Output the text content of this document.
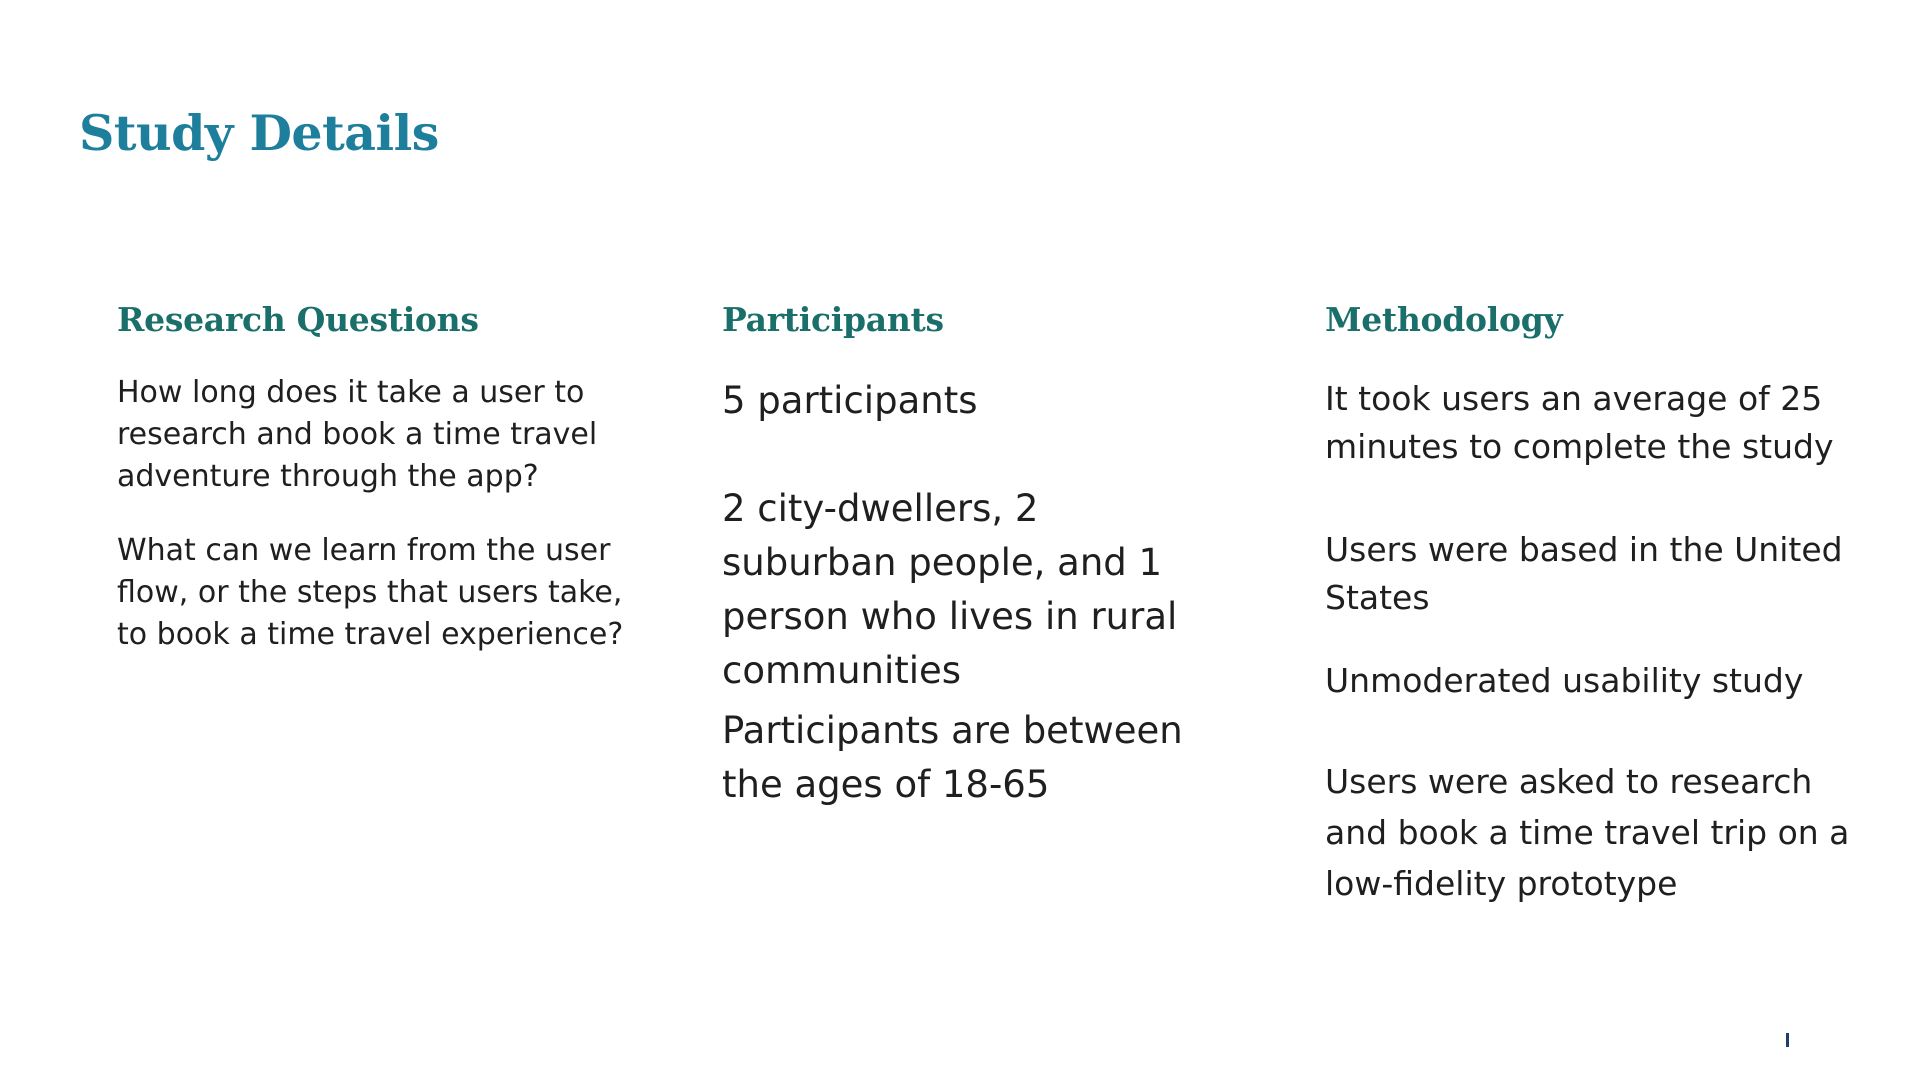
Study Details
Research Questions

How long does it take a user to research and book a time travel adventure through the app?

What can we learn from the user flow, or the steps that users take, to book a time travel experience?

Participants

5 participants

2 city-dwellers, 2 suburban people, and 1 person who lives in rural communities

Participants are between the ages of 18-65

Methodology

It took users an average of 25 minutes to complete the study

Users were based in the United States

Unmoderated usability study

Users were asked to research and book a time travel trip on a low-fidelity prototype
